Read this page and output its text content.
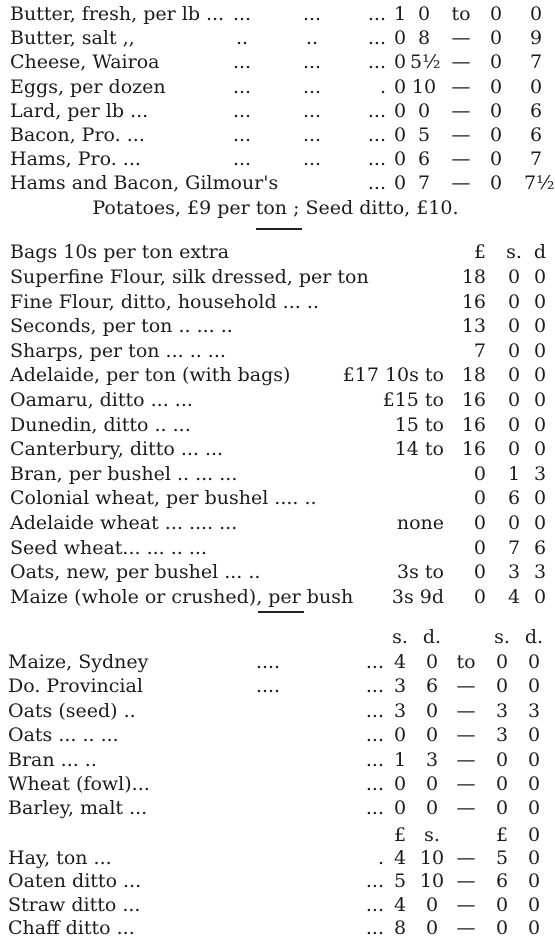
Butter, fresh, per lb ... ...	...	... 1 0	to	0	0
Butter, salt ,,	..	..	... 0 8	—	0	9
Cheese, Wairoa	...	...	... 0 5½ —	0	7
Eggs, per dozen	...	...	. 0 10 —	0	0
Lard, per lb ...	...	...	... 0 0	—	0	6
Bacon, Pro. ...	...	...	... 0 5	—	0	6
Hams, Pro. ...	...	...	... 0 6	—	0	7
Hams and Bacon, Gilmour's	... 0 7	—	0	7½
Potatoes, £9 per ton ; Seed ditto, £10.
Bags 10s per ton extra	£ s. d
Superfine Flour, silk dressed, per ton	18	0 0
Fine Flour, ditto, household ... ..	16	0 0
Seconds, per ton .. ... ..	13	0 0
Sharps, per ton ... .. ...	7	0 0
Adelaide, per ton (with bags)	£17 10s to 18	0 0
Oamaru, ditto ... ...	£15 to 16	0 0
Dunedin, ditto .. ...	15 to 16	0 0
Canterbury, ditto ... ...	14 to 16	0 0
Bran, per bushel .. ... ...	0	1 3
Colonial wheat, per bushel .... ..	0	6 0
Adelaide wheat ... .... ...	none	0	0 0
Seed wheat... ... .. ...	0	7 6
Oats, new, per bushel ... ..	3s to	0	3 3
Maize (whole or crushed), per bush	3s 9d	0	4 0
s. d.	s. d.
Maize, Sydney	....	... 4	0 to	0	0
Do. Provincial	....	... 3	6 —	0	0
Oats (seed) ..	... 3	0 —	3	3
Oats ... .. ...	... 0	0 —	3	0
Bran ... ..	... 1	3 —	0	0
Wheat (fowl)...	... 0	0 —	0	0
Barley, malt ...	... 0	0 —	0	0
£ s.	£	0
Hay, ton ...	. 4 10 —	5	0
Oaten ditto ...	... 5 10 —	6	0
Straw ditto ...	... 4	0 —	0	0
Chaff ditto ...	... 8	0 —	0	0
